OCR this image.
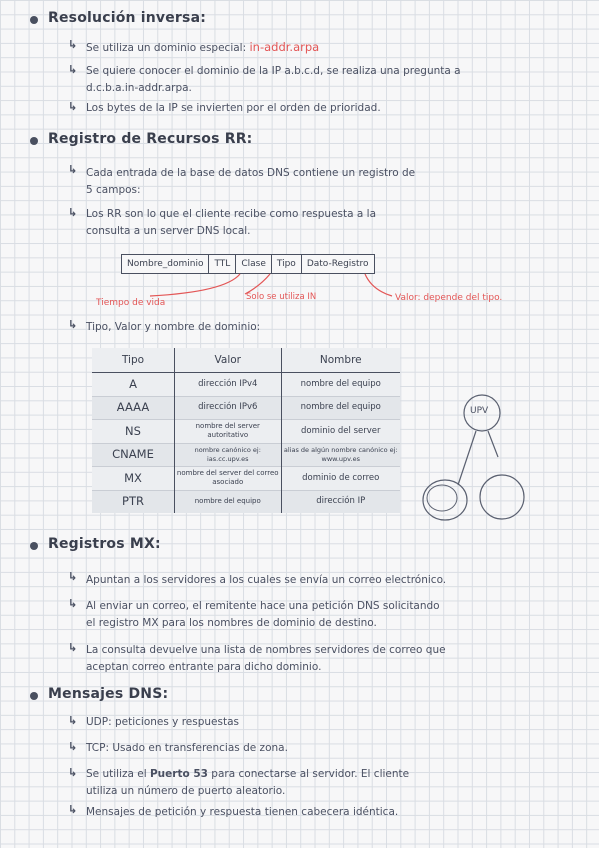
Resolución inversa:
↳ Se utiliza un dominio especial: in-addr.arpa
↳ Se quiere conocer el dominio de la IP a.b.c.d, se realiza una pregunta a
d.c.b.a.in-addr.arpa.
↳ Los bytes de la IP se invierten por el orden de prioridad.
Registro de Recursos RR:
↳ Cada entrada de la base de datos DNS contiene un registro de
5 campos:
↳ Los RR son lo que el cliente recibe como respuesta a la
consulta a un server DNS local.
Nombre_dominio	TTL	Clase	Tipo	Dato-Registro
Tiempo de vida
Solo se utiliza IN	Valor: depende del tipo.
↳ Tipo, Valor y nombre de dominio:
Tipo	Valor	Nombre
A	dirección IPv4	nombre del equipo
AAAA	dirección IPv6	nombre del equipo
NS	nombre del server autoritativo	dominio del server
CNAME	nombre canónico ej: ias.cc.upv.es	alias de algún nombre canónico ej: www.upv.es
MX	nombre del server del correo asociado	dominio de correo
PTR	nombre del equipo	dirección IP
UPV
Registros MX:
↳ Apuntan a los servidores a los cuales se envía un correo electrónico.
↳ Al enviar un correo, el remitente hace una petición DNS solicitando
el registro MX para los nombres de dominio de destino.
↳ La consulta devuelve una lista de nombres servidores de correo que
aceptan correo entrante para dicho dominio.
Mensajes DNS:
↳ UDP: peticiones y respuestas
↳ TCP: Usado en transferencias de zona.
↳ Se utiliza el Puerto 53 para conectarse al servidor. El cliente
utiliza un número de puerto aleatorio.
↳ Mensajes de petición y respuesta tienen cabecera idéntica.
